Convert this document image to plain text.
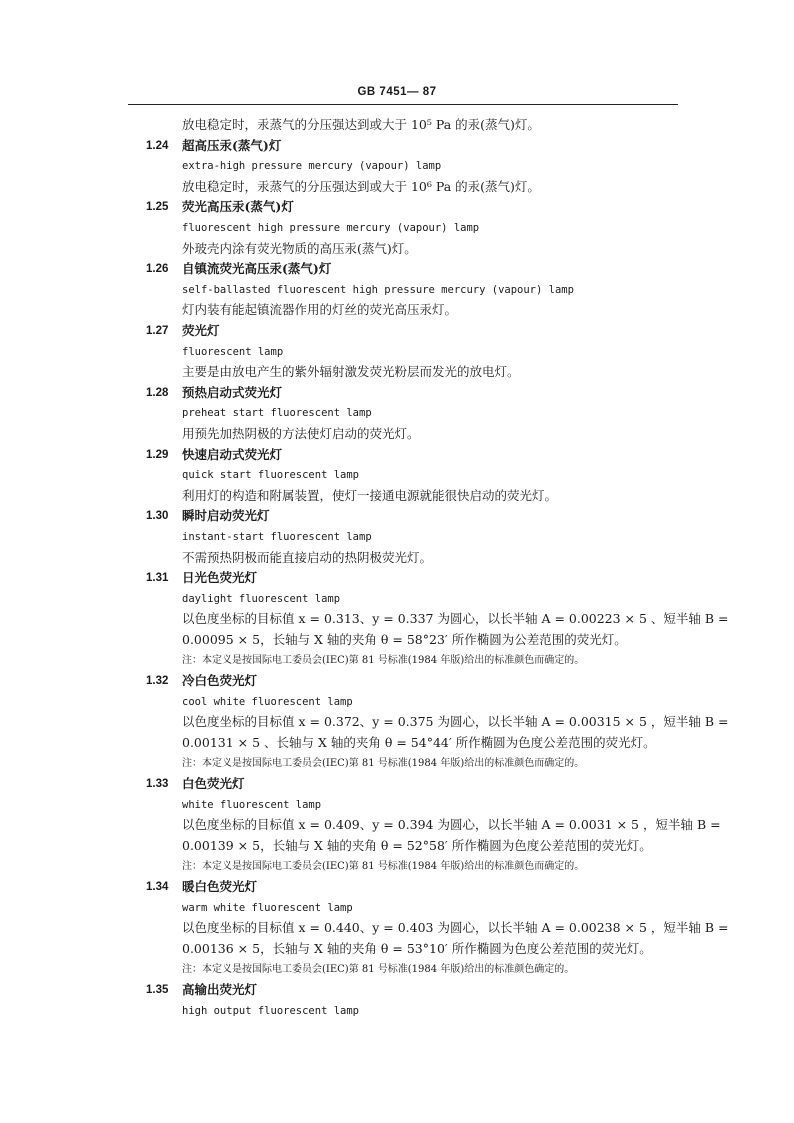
GB 7451— 87
放电稳定时，汞蒸气的分压强达到或大于 10⁵ Pa 的汞(蒸气)灯。
1.24 超高压汞(蒸气)灯
extra-high pressure mercury (vapour) lamp
放电稳定时，汞蒸气的分压强达到或大于 10⁶ Pa 的汞(蒸气)灯。
1.25 荧光高压汞(蒸气)灯
fluorescent high pressure mercury (vapour) lamp
外玻壳内涂有荧光物质的高压汞(蒸气)灯。
1.26 自镇流荧光高压汞(蒸气)灯
self-ballasted fluorescent high pressure mercury (vapour) lamp
灯内装有能起镇流器作用的灯丝的荧光高压汞灯。
1.27 荧光灯
fluorescent lamp
主要是由放电产生的紫外辐射激发荧光粉层而发光的放电灯。
1.28 预热启动式荧光灯
preheat start fluorescent lamp
用预先加热阴极的方法使灯启动的荧光灯。
1.29 快速启动式荧光灯
quick start fluorescent lamp
利用灯的构造和附属装置，使灯一接通电源就能很快启动的荧光灯。
1.30 瞬时启动荧光灯
instant-start fluorescent lamp
不需预热阴极而能直接启动的热阴极荧光灯。
1.31 日光色荧光灯
daylight fluorescent lamp
以色度坐标的目标值 x = 0.313、y = 0.337 为圆心，以长半轴 A = 0.00223 × 5 、短半轴 B =
0.00095 × 5，长轴与 X 轴的夹角 θ = 58°23′ 所作椭圆为公差范围的荧光灯。
注：本定义是按国际电工委员会(IEC)第 81 号标准(1984 年版)给出的标准颜色而确定的。
1.32 冷白色荧光灯
cool white fluorescent lamp
以色度坐标的目标值 x = 0.372、y = 0.375 为圆心，以长半轴 A = 0.00315 × 5 ，短半轴 B =
0.00131 × 5 、长轴与 X 轴的夹角 θ = 54°44′ 所作椭圆为色度公差范围的荧光灯。
注：本定义是按国际电工委员会(IEC)第 81 号标准(1984 年版)给出的标准颜色而确定的。
1.33 白色荧光灯
white fluorescent lamp
以色度坐标的目标值 x = 0.409、y = 0.394 为圆心，以长半轴 A = 0.0031 × 5 ，短半轴 B =
0.00139 × 5，长轴与 X 轴的夹角 θ = 52°58′ 所作椭圆为色度公差范围的荧光灯。
注：本定义是按国际电工委员会(IEC)第 81 号标准(1984 年版)给出的标准颜色而确定的。
1.34 暖白色荧光灯
warm white fluorescent lamp
以色度坐标的目标值 x = 0.440、y = 0.403 为圆心，以长半轴 A = 0.00238 × 5 ，短半轴 B =
0.00136 × 5，长轴与 X 轴的夹角 θ = 53°10′ 所作椭圆为色度公差范围的荧光灯。
注：本定义是按国际电工委员会(IEC)第 81 号标准(1984 年版)给出的标准颜色确定的。
1.35 高输出荧光灯
high output fluorescent lamp
